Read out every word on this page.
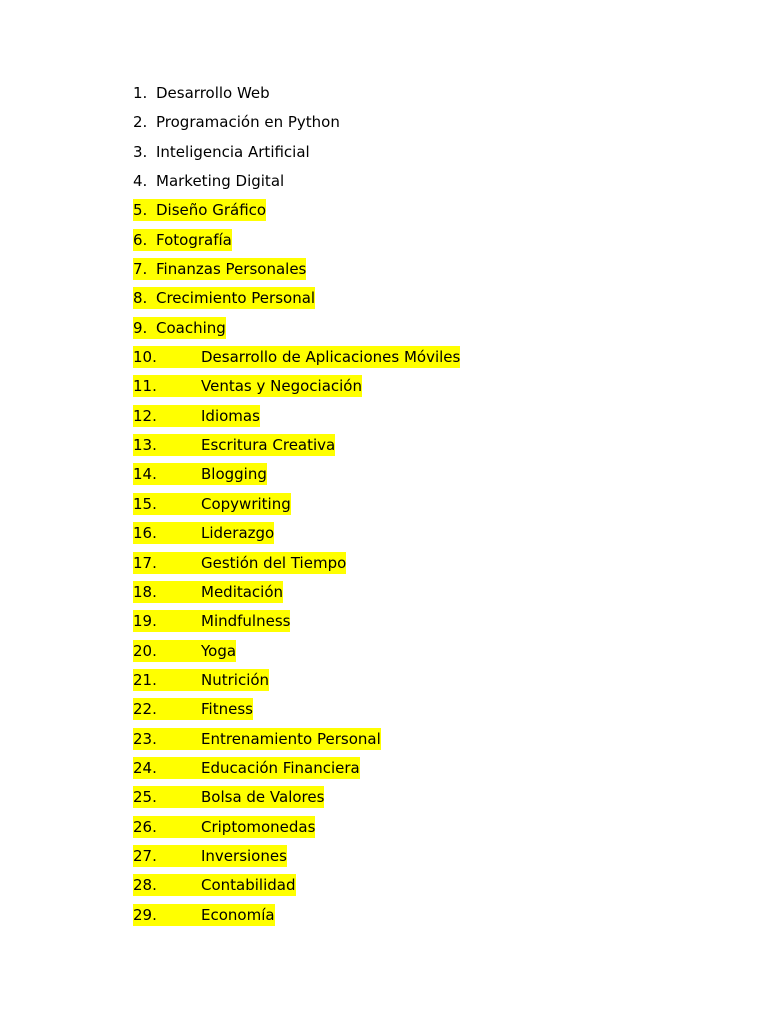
1. Desarrollo Web
2. Programación en Python
3. Inteligencia Artificial
4. Marketing Digital
5. Diseño Gráfico
6. Fotografía
7. Finanzas Personales
8. Crecimiento Personal
9. Coaching
10.	Desarrollo de Aplicaciones Móviles
11.	Ventas y Negociación
12.	Idiomas
13.	Escritura Creativa
14.	Blogging
15.	Copywriting
16.	Liderazgo
17.	Gestión del Tiempo
18.	Meditación
19.	Mindfulness
20.	Yoga
21.	Nutrición
22.	Fitness
23.	Entrenamiento Personal
24.	Educación Financiera
25.	Bolsa de Valores
26.	Criptomonedas
27.	Inversiones
28.	Contabilidad
29.	Economía
